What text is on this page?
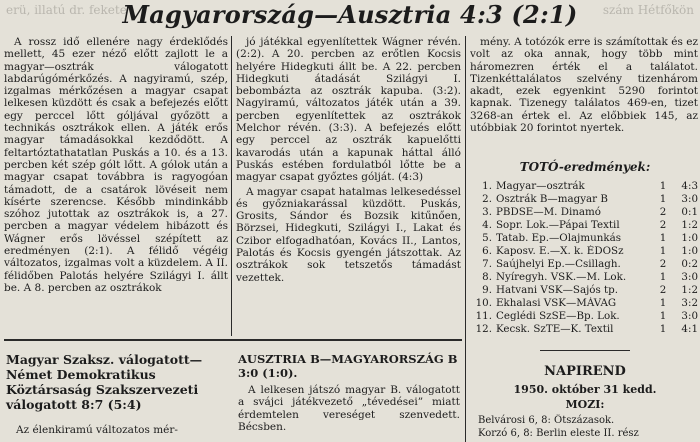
erü, illatú dr. fekete	szám Hétfőkön
Magyarország—Ausztria 4:3 (2:1)

A rossz idő ellenére nagy érdeklődés mellett, 45 ezer néző előtt zajlott le a magyar—osztrák válogatott labdarúgómérkőzés. A nagyiramú, szép, izgalmas mérkőzésen a magyar csapat lelkesen küzdött és csak a befejezés előtt egy perccel lőtt góljával győzött a technikás osztrákok ellen. A játék erős magyar támadásokkal kezdődött. A feltartóztathatatlan Puskás a 10. és a 13. percben két szép gólt lőtt. A gólok után a magyar csapat továbbra is ragyogóan támadott, de a csatárok lövéseit nem kísérte szerencse. Később mindinkább szóhoz jutottak az osztrákok is, a 27. percben a magyar védelem hibázott és Wágner erős lövéssel szépített az eredményen (2:1). A félidő végéig változatos, izgalmas volt a küzdelem. A II. félidőben Palotás helyére Szilágyi I. állt be. A 8. percben az osztrákok

jó játékkal egyenlítettek Wágner révén. (2:2). A 20. percben az erőtlen Kocsis helyére Hidegkuti állt be. A 22. percben Hidegkuti átadását Szilágyi I. bebombázta az osztrák kapuba. (3:2). Nagyiramú, változatos játék után a 39. percben egyenlítettek az osztrákok Melchor révén. (3:3). A befejezés előtt egy perccel az osztrák kapuelőtti kavarodás után a kapunak háttal álló Puskás estében fordulatból lőtte be a magyar csapat győztes gólját. (4:3)

A magyar csapat hatalmas lelkesedéssel és győzniakarással küzdött. Puskás, Grosits, Sándor és Bozsik kitűnően, Börzsei, Hidegkuti, Szilágyi I., Lakat és Czibor elfogadhatóan, Kovács II., Lantos, Palotás és Kocsis gyengén játszottak. Az osztrákok sok tetszetős támadást vezettek.

mény. A totózók erre is számítottak és ez volt az oka annak, hogy több mint háromezren érték el a találatot. Tizenkéttalálatos szelvény tizenhárom akadt, ezek egyenkint 5290 forintot kapnak. Tizenegy találatos 469-en, tizet 3268-an értek el. Az előbbiek 145, az utóbbiak 20 forintot nyertek.

TOTÓ-eredmények:
1. Magyar—osztrák	1	4:3
2. Osztrák B—magyar B	1	3:0
3. PBDSE—M. Dinamó	2	0:1
4. Sopr. Lok.—Pápai Textil	2	1:2
5. Tatab. Ep.—Olajmunkás	1	1:0
6. Kaposv. E.—X. k. ÉDOSz	1	1:0
7. Saújhelyi Ep.—Csillagh.	2	0:2
8. Nyíregyh. VSK.—M. Lok.	1	3:0
9. Hatvani VSK—Sajós tp.	2	1:2
10. Ekhalasi VSK—MÁVAG	1	3:2
11. Ceglédi SzSE—Bp. Lok.	1	3:0
12. Kecsk. SzTE—K. Textil	1	4:1
Magyar Szaksz. válogatott—Német Demokratikus Köztársaság Szakszervezeti válogatott 8:7 (5:4)

Az élenkiramú változatos mér-

AUSZTRIA B—MAGYARORSZÁG B 3:0 (1:0).

A lelkesen játszó magyar B. válogatott a svájci játékvezető „tévedései” miatt érdemtelen vereséget szenvedett. Bécsben.

NAPIREND
1950. október 31 kedd.
MOZI:
Belvárosi 6, 8: Ötszázasok.
Korzó 6, 8: Berlin eleste II. rész
